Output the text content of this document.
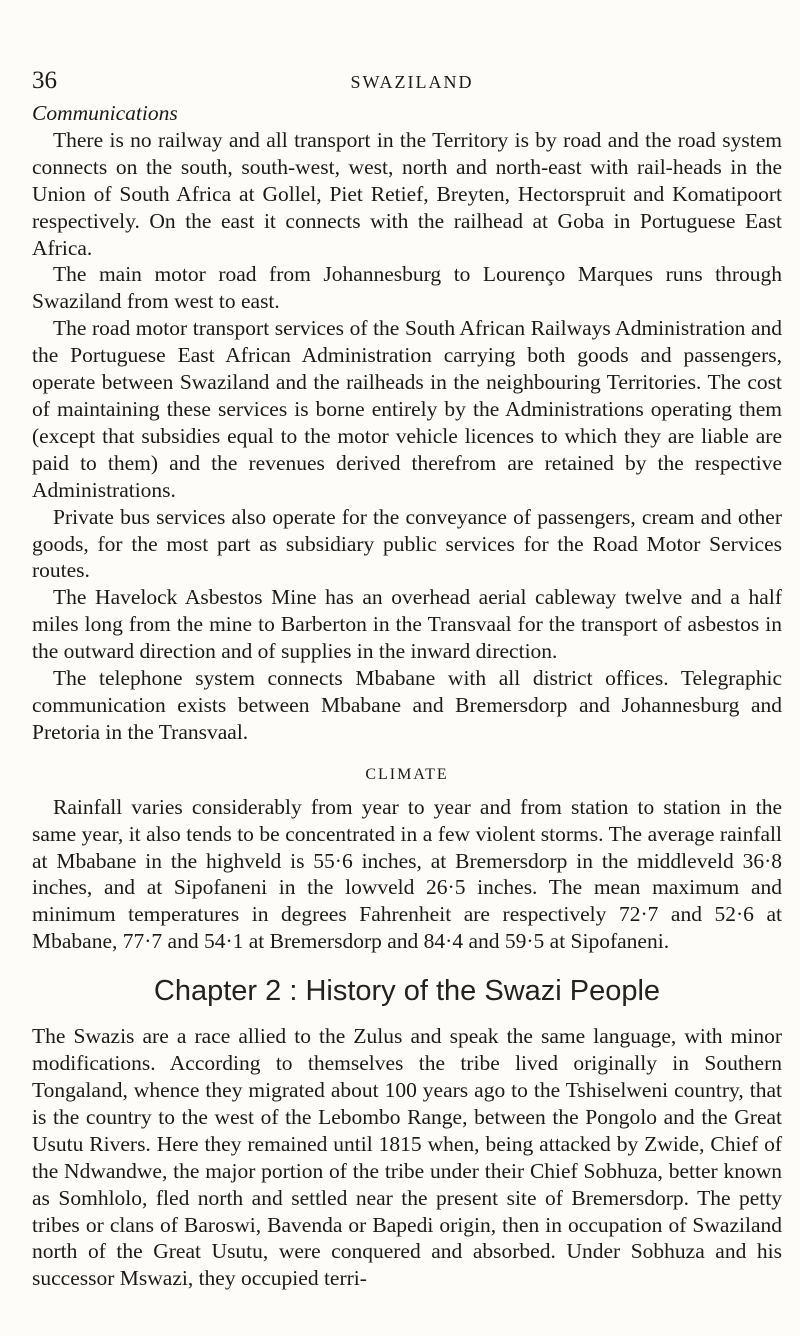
36	SWAZILAND
Communications

There is no railway and all transport in the Territory is by road and the road system connects on the south, south-west, west, north and north-east with rail-heads in the Union of South Africa at Gollel, Piet Retief, Breyten, Hectorspruit and Komatipoort respectively. On the east it connects with the railhead at Goba in Portuguese East Africa.

The main motor road from Johannesburg to Lourenço Marques runs through Swaziland from west to east.

The road motor transport services of the South African Railways Administration and the Portuguese East African Administration carrying both goods and passengers, operate between Swaziland and the railheads in the neighbouring Territories. The cost of maintaining these services is borne entirely by the Administrations operating them (except that subsidies equal to the motor vehicle licences to which they are liable are paid to them) and the revenues derived therefrom are retained by the respective Administrations.

Private bus services also operate for the conveyance of passengers, cream and other goods, for the most part as subsidiary public services for the Road Motor Services routes.

The Havelock Asbestos Mine has an overhead aerial cableway twelve and a half miles long from the mine to Barberton in the Transvaal for the transport of asbestos in the outward direction and of supplies in the inward direction.

The telephone system connects Mbabane with all district offices. Telegraphic communication exists between Mbabane and Bremersdorp and Johannesburg and Pretoria in the Transvaal.

CLIMATE

Rainfall varies considerably from year to year and from station to station in the same year, it also tends to be concentrated in a few violent storms. The average rainfall at Mbabane in the highveld is 55·6 inches, at Bremersdorp in the middleveld 36·8 inches, and at Sipofaneni in the lowveld 26·5 inches. The mean maximum and minimum temperatures in degrees Fahrenheit are respectively 72·7 and 52·6 at Mbabane, 77·7 and 54·1 at Bremersdorp and 84·4 and 59·5 at Sipofaneni.

Chapter 2 : History of the Swazi People

The Swazis are a race allied to the Zulus and speak the same language, with minor modifications. According to themselves the tribe lived originally in Southern Tongaland, whence they migrated about 100 years ago to the Tshiselweni country, that is the country to the west of the Lebombo Range, between the Pongolo and the Great Usutu Rivers. Here they remained until 1815 when, being attacked by Zwide, Chief of the Ndwandwe, the major portion of the tribe under their Chief Sobhuza, better known as Somhlolo, fled north and settled near the present site of Bremersdorp. The petty tribes or clans of Baroswi, Bavenda or Bapedi origin, then in occupation of Swaziland north of the Great Usutu, were conquered and absorbed. Under Sobhuza and his successor Mswazi, they occupied terri-
